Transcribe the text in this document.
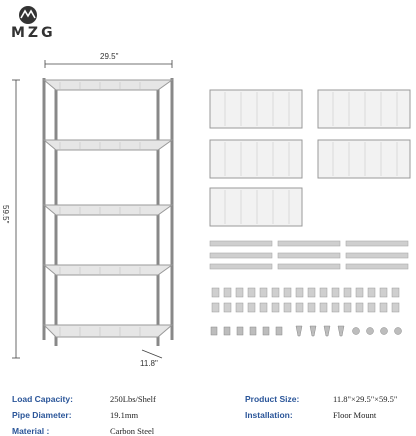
MZG
29.5"
59.5"
11.8"
Load Capacity:	250Lbs/Shelf	Product Size:	11.8"×29.5"×59.5"
Pipe Diameter:	19.1mm	Installation:	Floor Mount
Material :	Carbon Steel
